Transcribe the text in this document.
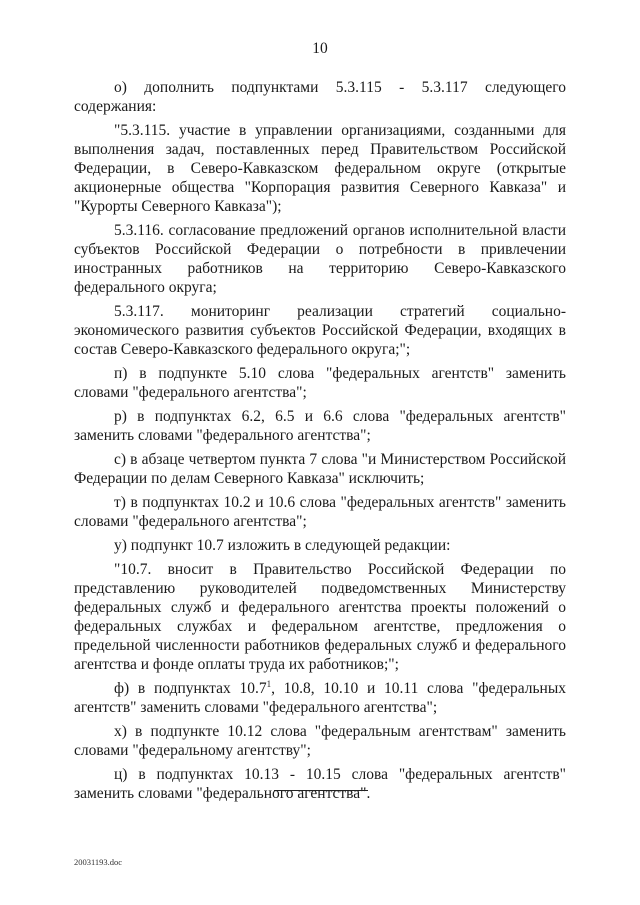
10

о) дополнить подпунктами 5.3.115 - 5.3.117 следующего содержания:

"5.3.115. участие в управлении организациями, созданными для выполнения задач, поставленных перед Правительством Российской Федерации, в Северо-Кавказском федеральном округе (открытые акционерные общества "Корпорация развития Северного Кавказа" и "Курорты Северного Кавказа");

5.3.116. согласование предложений органов исполнительной власти субъектов Российской Федерации о потребности в привлечении иностранных работников на территорию Северо-Кавказского федерального округа;

5.3.117. мониторинг реализации стратегий социально-экономического развития субъектов Российской Федерации, входящих в состав Северо-Кавказского федерального округа;";

п) в подпункте 5.10 слова "федеральных агентств" заменить словами "федерального агентства";

р) в подпунктах 6.2, 6.5 и 6.6 слова "федеральных агентств" заменить словами "федерального агентства";

с) в абзаце четвертом пункта 7 слова "и Министерством Российской Федерации по делам Северного Кавказа" исключить;

т) в подпунктах 10.2 и 10.6 слова "федеральных агентств" заменить словами "федерального агентства";

у) подпункт 10.7 изложить в следующей редакции:

"10.7. вносит в Правительство Российской Федерации по представлению руководителей подведомственных Министерству федеральных служб и федерального агентства проекты положений о федеральных службах и федеральном агентстве, предложения о предельной численности работников федеральных служб и федерального агентства и фонде оплаты труда их работников;";

ф) в подпунктах 10.7$^1$, 10.8, 10.10 и 10.11 слова "федеральных агентств" заменить словами "федерального агентства";

х) в подпункте 10.12 слова "федеральным агентствам" заменить словами "федеральному агентству";

ц) в подпунктах 10.13 - 10.15 слова "федеральных агентств" заменить словами "федерального агентства".

20031193.doc
